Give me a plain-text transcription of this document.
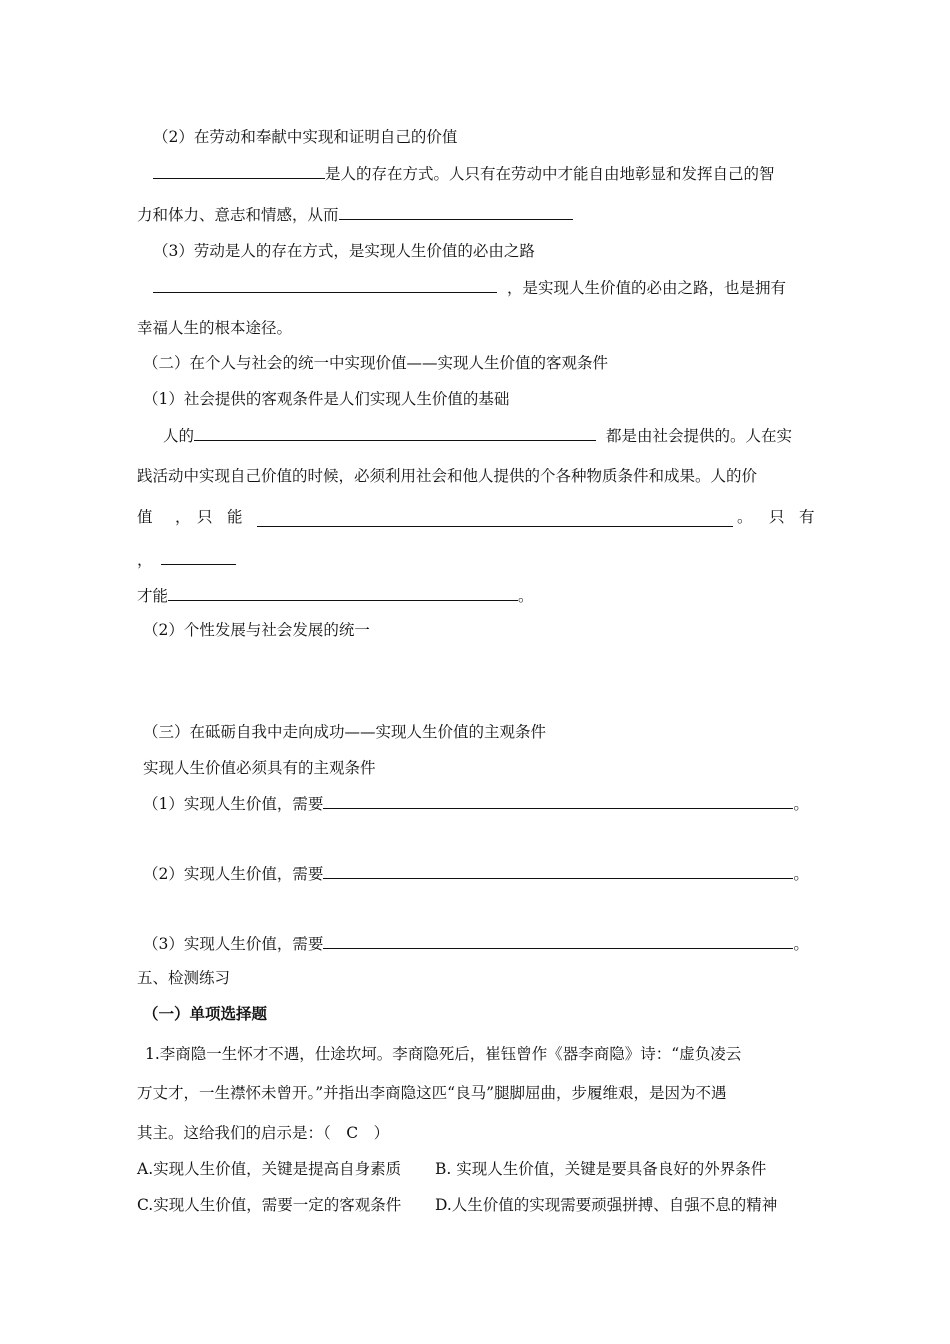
（2）在劳动和奉献中实现和证明自己的价值
是人的存在方式。人只有在劳动中才能自由地彰显和发挥自己的智
力和体力、意志和情感，从而
（3）劳动是人的存在方式，是实现人生价值的必由之路
，是实现人生价值的必由之路，也是拥有
幸福人生的根本途径。
（二）在个人与社会的统一中实现价值——实现人生价值的客观条件
（1）社会提供的客观条件是人们实现人生价值的基础
人的	都是由社会提供的。人在实
践活动中实现自己价值的时候，必须利用社会和他人提供的个各种物质条件和成果。人的价
值 ， 只 能	。 只 有
，
才能	。
（2）个性发展与社会发展的统一
（三）在砥砺自我中走向成功——实现人生价值的主观条件
实现人生价值必须具有的主观条件
（1）实现人生价值，需要	。
（2）实现人生价值，需要	。
（3）实现人生价值，需要	。
五、检测练习
（一）单项选择题
1.李商隐一生怀才不遇，仕途坎坷。李商隐死后，崔钰曾作《器李商隐》诗：“虚负凌云
万丈才，一生襟怀未曾开。”并指出李商隐这匹“良马”腿脚屈曲，步履维艰，是因为不遇
其主。这给我们的启示是：（　C　）
A.实现人生价值，关键是提高自身素质 B. 实现人生价值，关键是要具备良好的外界条件
C.实现人生价值，需要一定的客观条件 D.人生价值的实现需要顽强拼搏、自强不息的精神
